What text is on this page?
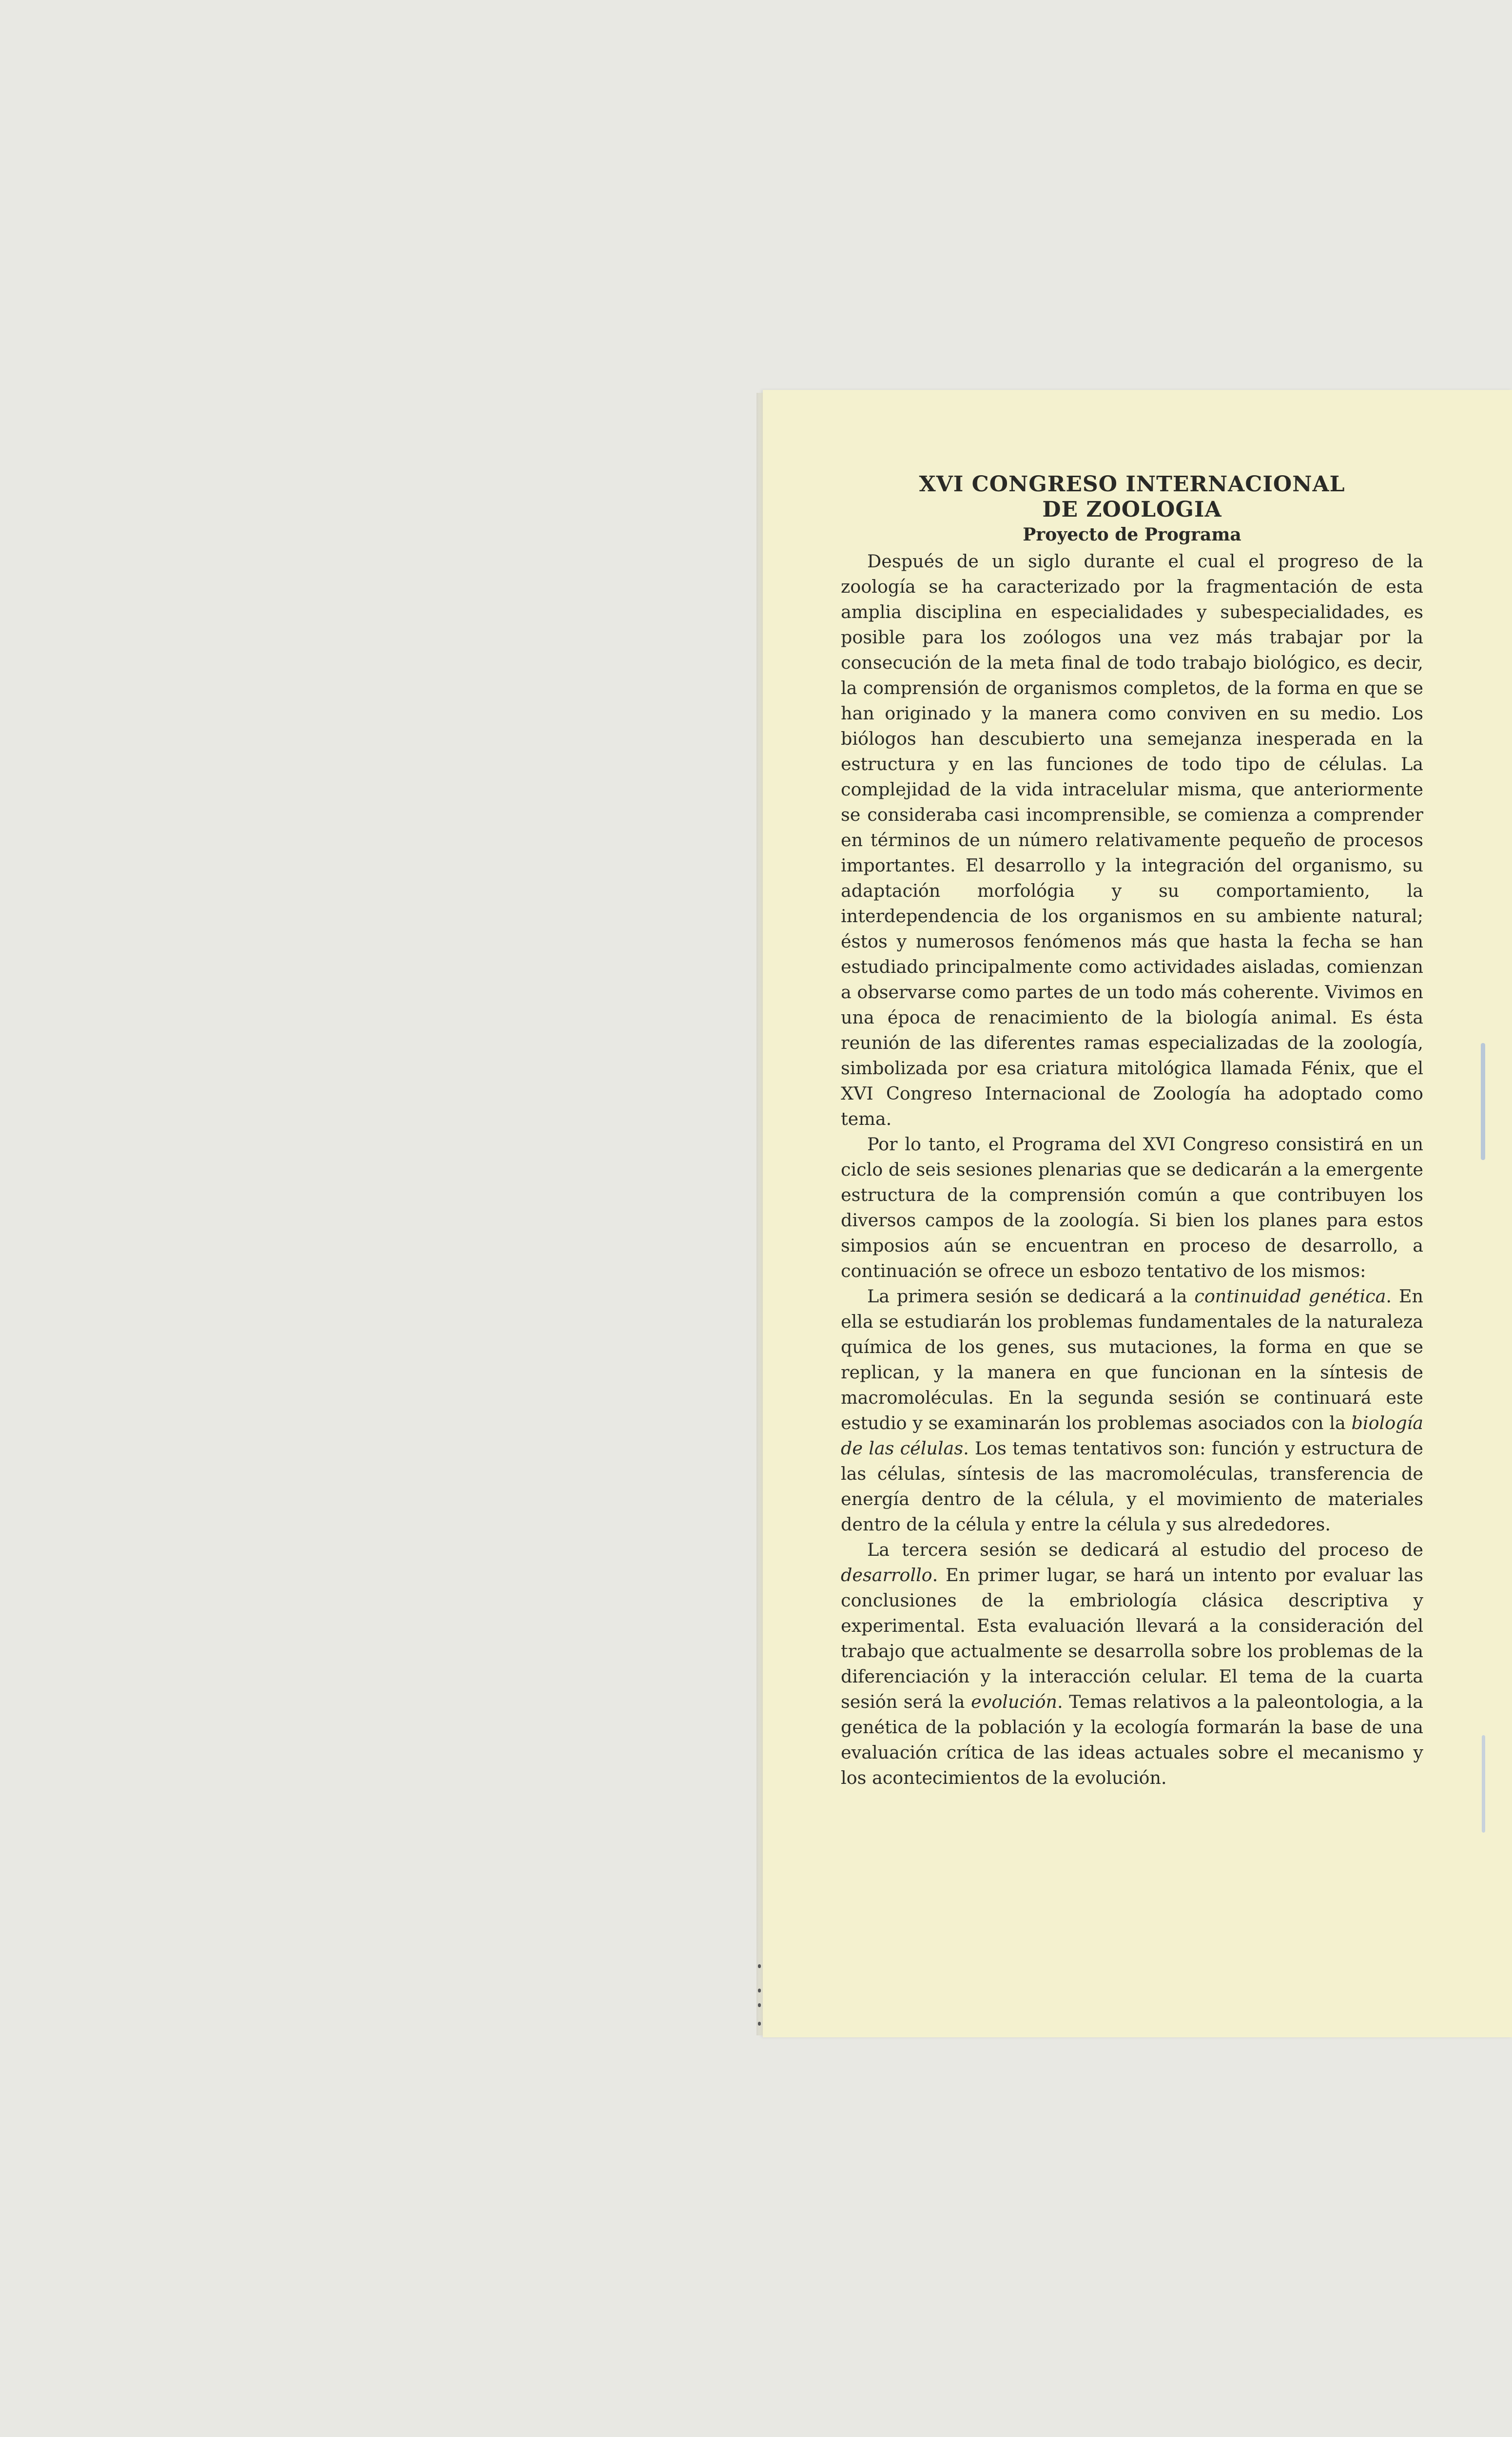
XVI CONGRESO INTERNACIONAL

DE ZOOLOGIA

Proyecto de Programa

Después de un siglo durante el cual el progreso de la zoología se ha caracterizado por la fragmentación de esta amplia disciplina en especialidades y subespecialidades, es posible para los zoólogos una vez más trabajar por la consecución de la meta final de todo trabajo biológico, es decir, la comprensión de organismos completos, de la forma en que se han originado y la manera como conviven en su medio. Los biólogos han descubierto una semejanza inesperada en la estructura y en las funciones de todo tipo de células. La complejidad de la vida intracelular misma, que anteriormente se consideraba casi incomprensible, se comienza a comprender en términos de un número relativamente pequeño de procesos importantes. El desarrollo y la integración del organismo, su adaptación morfológia y su comportamiento, la interdependencia de los organismos en su ambiente natural; éstos y numerosos fenómenos más que hasta la fecha se han estudiado principalmente como actividades aisladas, comienzan a observarse como partes de un todo más coherente. Vivimos en una época de renacimiento de la biología animal. Es ésta reunión de las diferentes ramas especializadas de la zoología, simbolizada por esa criatura mitológica llamada Fénix, que el XVI Congreso Internacional de Zoología ha adoptado como tema.

Por lo tanto, el Programa del XVI Congreso consistirá en un ciclo de seis sesiones plenarias que se dedicarán a la emergente estructura de la comprensión común a que contribuyen los diversos campos de la zoología. Si bien los planes para estos simposios aún se encuentran en proceso de desarrollo, a continuación se ofrece un esbozo tentativo de los mismos:

La primera sesión se dedicará a la continuidad genética. En ella se estudiarán los problemas fundamentales de la naturaleza química de los genes, sus mutaciones, la forma en que se replican, y la manera en que funcionan en la síntesis de macromoléculas. En la segunda sesión se continuará este estudio y se examinarán los problemas asociados con la biología de las células. Los temas tentativos son: función y estructura de las células, síntesis de las macromoléculas, transferencia de energía dentro de la célula, y el movimiento de materiales dentro de la célula y entre la célula y sus alrededores.

La tercera sesión se dedicará al estudio del proceso de desarrollo. En primer lugar, se hará un intento por evaluar las conclusiones de la embriología clásica descriptiva y experimental. Esta evaluación llevará a la consideración del trabajo que actualmente se desarrolla sobre los problemas de la diferenciación y la interacción celular. El tema de la cuarta sesión será la evolución. Temas relativos a la paleontologia, a la genética de la población y la ecología formarán la base de una evaluación crítica de las ideas actuales sobre el mecanismo y los acontecimientos de la evolución.
